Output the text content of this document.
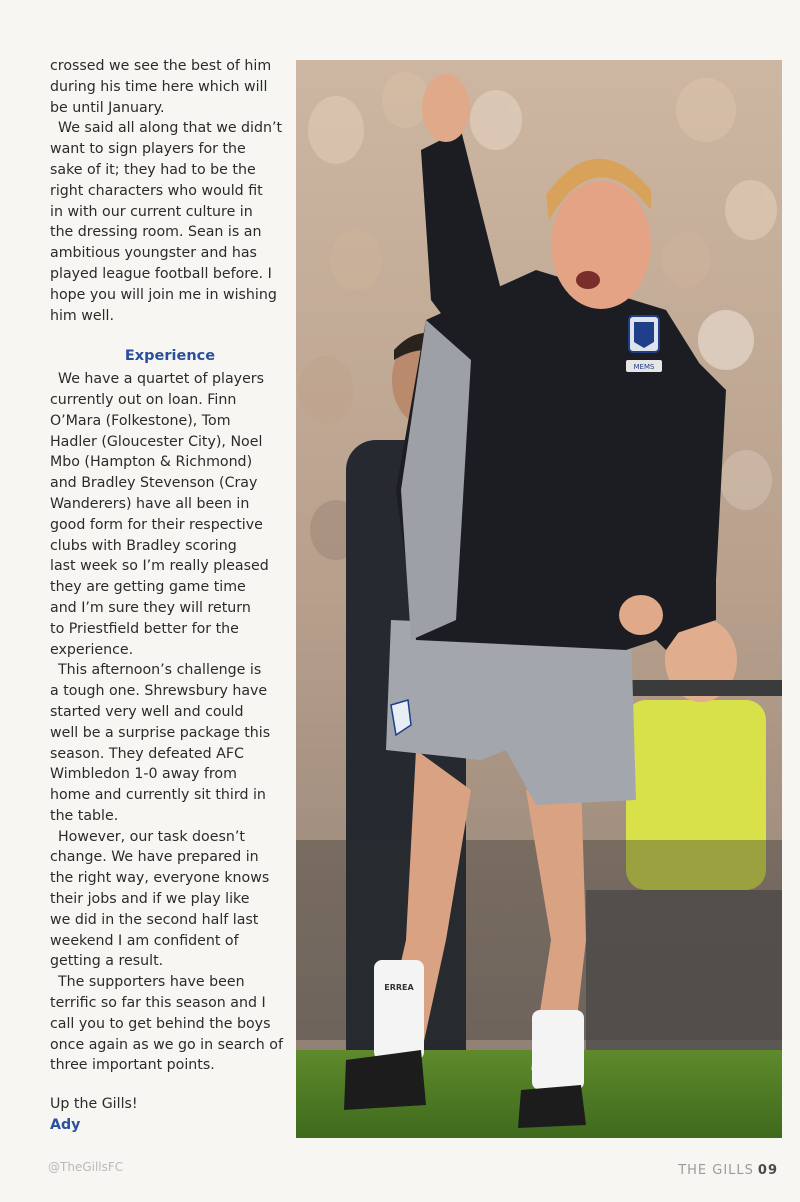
crossed we see the best of him
during his time here which will
be until January.

We said all along that we didn’t
want to sign players for the
sake of it; they had to be the
right characters who would fit
in with our current culture in
the dressing room. Sean is an
ambitious youngster and has
played league football before. I
hope you will join me in wishing
him well.

Experience

We have a quartet of players
currently out on loan. Finn
O’Mara (Folkestone), Tom
Hadler (Gloucester City), Noel
Mbo (Hampton & Richmond)
and Bradley Stevenson (Cray
Wanderers) have all been in
good form for their respective
clubs with Bradley scoring
last week so I’m really pleased
they are getting game time
and I’m sure they will return
to Priestfield better for the
experience.

This afternoon’s challenge is
a tough one. Shrewsbury have
started very well and could
well be a surprise package this
season. They defeated AFC
Wimbledon 1-0 away from
home and currently sit third in
the table.

However, our task doesn’t
change. We have prepared in
the right way, everyone knows
their jobs and if we play like
we did in the second half last
weekend I am confident of
getting a result.

The supporters have been
terrific so far this season and I
call you to get behind the boys
once again as we go in search of
three important points.

Up the Gills!

Ady

MEMS
ERREA
@TheGillsFC	THE GILLS 09
